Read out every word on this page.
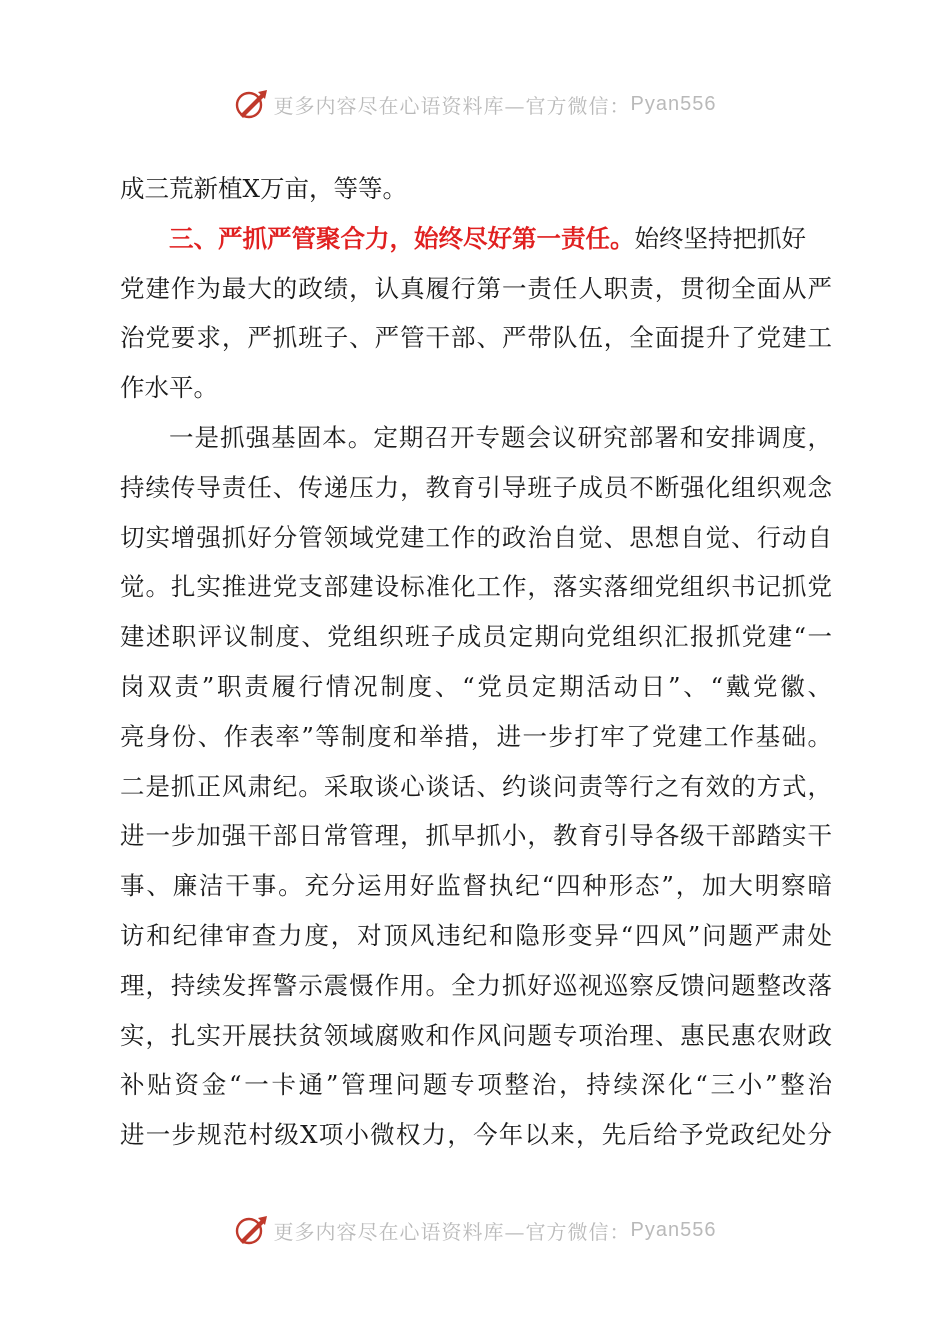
更多内容尽在心语资料库—官方微信： Pyan556
成三荒新植X万亩，等等。
三、严抓严管聚合力，始终尽好第一责任。始终坚持把抓好
党建作为最大的政绩，认真履行第一责任人职责，贯彻全面从严
治党要求，严抓班子、严管干部、严带队伍，全面提升了党建工
作水平。
一是抓强基固本。定期召开专题会议研究部署和安排调度，
持续传导责任、传递压力，教育引导班子成员不断强化组织观念
切实增强抓好分管领域党建工作的政治自觉、思想自觉、行动自
觉。扎实推进党支部建设标准化工作，落实落细党组织书记抓党
建述职评议制度、党组织班子成员定期向党组织汇报抓党建“一
岗双责”职责履行情况制度、“党员定期活动日”、“戴党徽、
亮身份、作表率”等制度和举措，进一步打牢了党建工作基础。
二是抓正风肃纪。采取谈心谈话、约谈问责等行之有效的方式，
进一步加强干部日常管理，抓早抓小，教育引导各级干部踏实干
事、廉洁干事。充分运用好监督执纪“四种形态”，加大明察暗
访和纪律审查力度，对顶风违纪和隐形变异“四风”问题严肃处
理，持续发挥警示震慑作用。全力抓好巡视巡察反馈问题整改落
实，扎实开展扶贫领域腐败和作风问题专项治理、惠民惠农财政
补贴资金“一卡通”管理问题专项整治，持续深化“三小”整治
进一步规范村级X项小微权力，今年以来，先后给予党政纪处分
更多内容尽在心语资料库—官方微信： Pyan556
